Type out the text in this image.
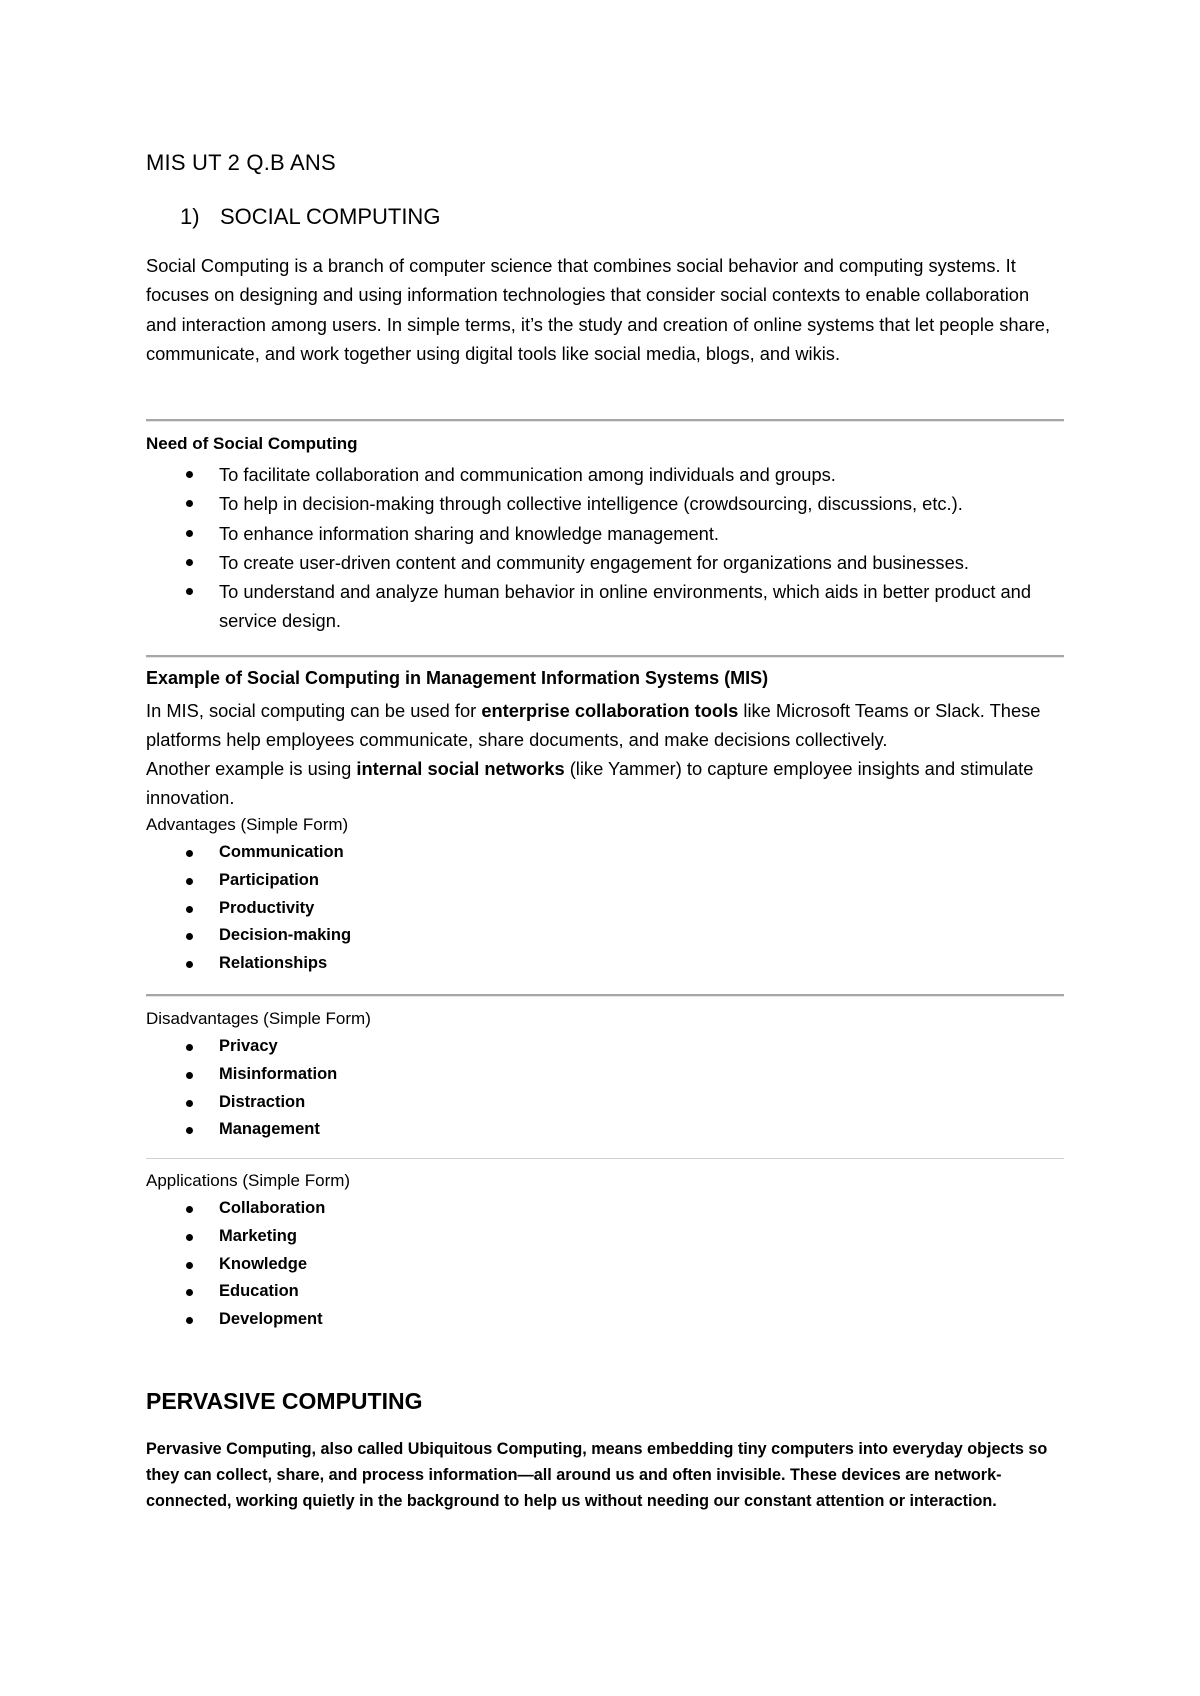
MIS UT 2 Q.B ANS
1) SOCIAL COMPUTING

Social Computing is a branch of computer science that combines social behavior and computing systems. It focuses on designing and using information technologies that consider social contexts to enable collaboration and interaction among users. In simple terms, it’s the study and creation of online systems that let people share, communicate, and work together using digital tools like social media, blogs, and wikis.

Need of Social Computing
To facilitate collaboration and communication among individuals and groups.
To help in decision-making through collective intelligence (crowdsourcing, discussions, etc.).
To enhance information sharing and knowledge management.
To create user-driven content and community engagement for organizations and businesses.
To understand and analyze human behavior in online environments, which aids in better product and service design.
Example of Social Computing in Management Information Systems (MIS)

In MIS, social computing can be used for enterprise collaboration tools like Microsoft Teams or Slack. These platforms help employees communicate, share documents, and make decisions collectively.

Another example is using internal social networks (like Yammer) to capture employee insights and stimulate innovation.

Advantages (Simple Form)
Communication
Participation
Productivity
Decision-making
Relationships
Disadvantages (Simple Form)
Privacy
Misinformation
Distraction
Management
Applications (Simple Form)
Collaboration
Marketing
Knowledge
Education
Development
PERVASIVE COMPUTING

Pervasive Computing, also called Ubiquitous Computing, means embedding tiny computers into everyday objects so they can collect, share, and process information—all around us and often invisible. These devices are network-connected, working quietly in the background to help us without needing our constant attention or interaction.
